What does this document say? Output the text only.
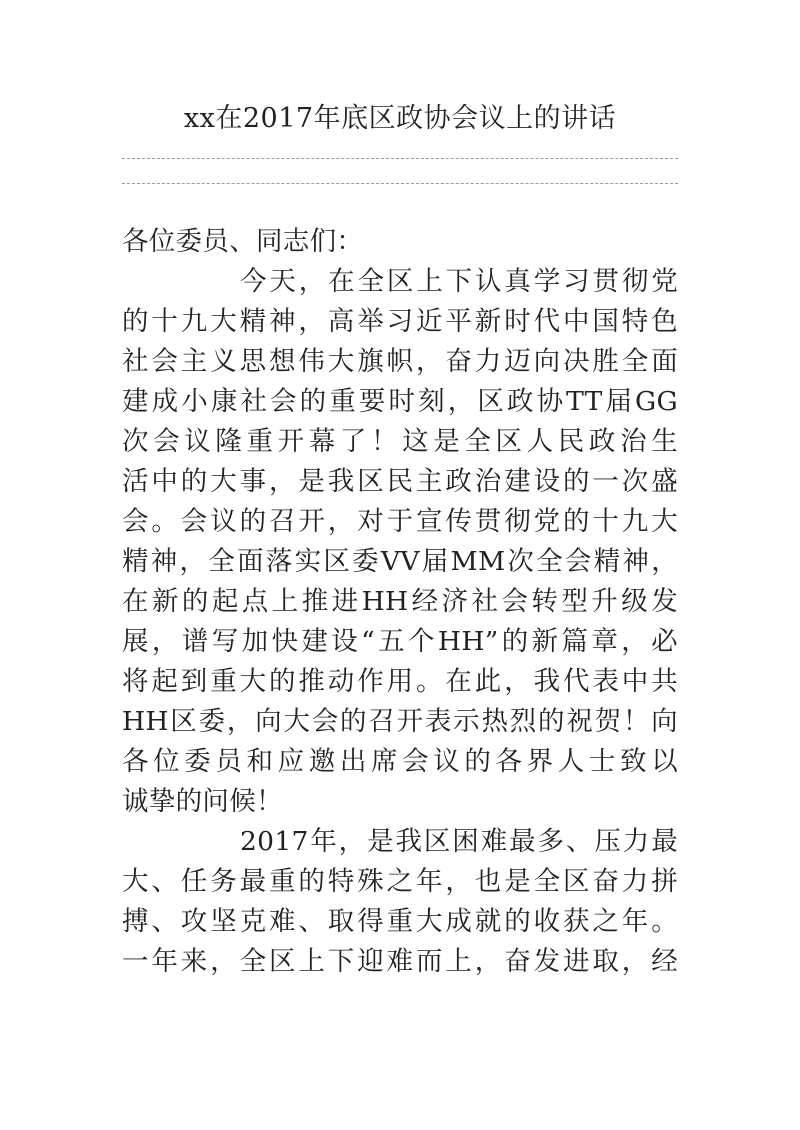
xx在2017年底区政协会议上的讲话
各位委员、同志们：
今天，在全区上下认真学习贯彻党
的十九大精神，高举习近平新时代中国特色
社会主义思想伟大旗帜，奋力迈向决胜全面
建成小康社会的重要时刻，区政协TT届GG
次会议隆重开幕了！这是全区人民政治生
活中的大事，是我区民主政治建设的一次盛
会。会议的召开，对于宣传贯彻党的十九大
精神，全面落实区委VV届MM次全会精神，
在新的起点上推进HH经济社会转型升级发
展，谱写加快建设“五个HH”的新篇章，必
将起到重大的推动作用。在此，我代表中共
HH区委，向大会的召开表示热烈的祝贺！向
各位委员和应邀出席会议的各界人士致以
诚挚的问候！
2017年，是我区困难最多、压力最
大、任务最重的特殊之年，也是全区奋力拼
搏、攻坚克难、取得重大成就的收获之年。
一年来，全区上下迎难而上，奋发进取，经
